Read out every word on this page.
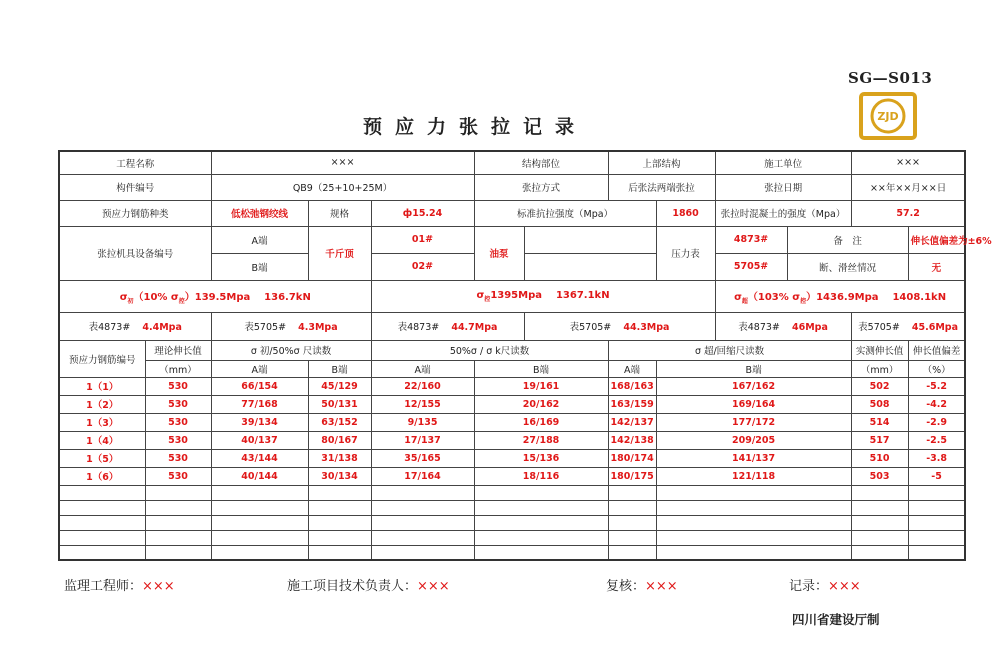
SG—S013
ZJD
预应力张拉记录
工程名称		×××			结构部位		上部结构		施工单位		×××	
构件编号		QB9（25+10+25M）			张拉方式		后张法两端张拉		张拉日期		××年××月××日	
预应力钢筋种类		低松弛钢绞线	规格	ф15.24	标准抗拉强度（Mpa）			1860	张拉时混凝土的强度（Mpa）		57.2	
张拉机具设备编号		A端	千斤顶	01#	油泵			压力表	4873#	备　注		伸长值偏差为±6%
		B端		02#					5705#	断、滑丝情况		无
$\sigma_初(10\%$ $\sigma_控)139.5Mpa$ 136.7kN				$\sigma_控1395Mpa$ 1367.1kN					$\sigma_超(103\%$ $\sigma_控)1436.9Mpa$ 1408.1kN			
表4873# 4.4Mpa		表5705# 4.3Mpa		表4873# 44.7Mpa		表5705# 44.3Mpa			表4873# 46Mpa		表5705# 45.6Mpa	
预应力钢筋编号	理论伸长值	σ 初/50%σ 尺读数		50%σ / σ k尺读数			σ 超/回缩尺读数				实测伸长值	伸长值偏差
	（mm）	A端	B端	A端	B端		A端	B端			（mm）	（%）
1（1）	530	66/154	45/129	22/160	19/161		168/163	167/162			502	-5.2
1（2）	530	77/168	50/131	12/155	20/162		163/159	169/164			508	-4.2
1（3）	530	39/134	63/152	9/135	16/169		142/137	177/172			514	-2.9
1（4）	530	40/137	80/167	17/137	27/188		142/138	209/205			517	-2.5
1（5）	530	43/144	31/138	35/165	15/136		180/174	141/137			510	-3.8
1（6）	530	40/144	30/134	17/164	18/116		180/175	121/118			503	-5

监理工程师：×××	施工项目技术负责人：×××	复核：×××	记录：×××
四川省建设厅制
